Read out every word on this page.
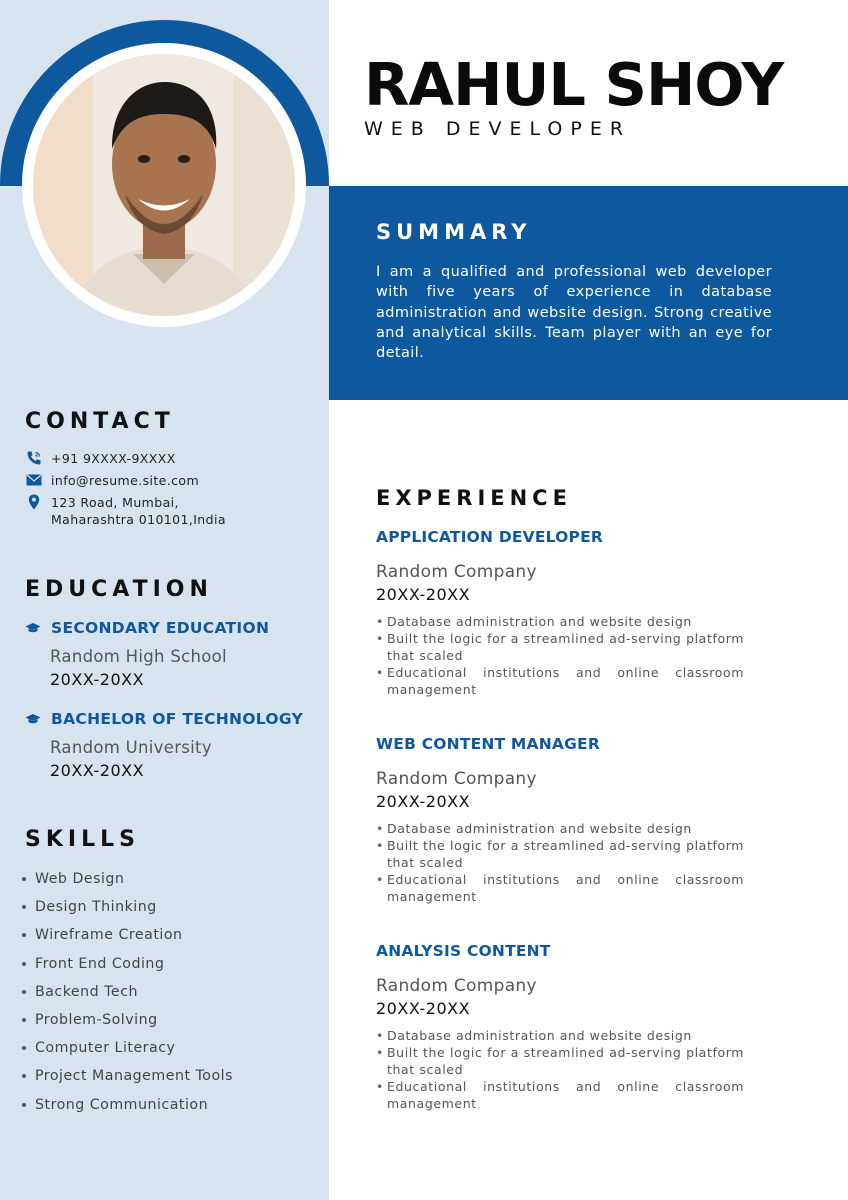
CONTACT
+91 9XXXX-9XXXX
info@resume.site.com
123 Road, Mumbai,
Maharashtra 010101,India
EDUCATION
SECONDARY EDUCATION
Random High School
20XX-20XX
BACHELOR OF TECHNOLOGY
Random University
20XX-20XX
SKILLS
Web Design
Design Thinking
Wireframe Creation
Front End Coding
Backend Tech
Problem-Solving
Computer Literacy
Project Management Tools
Strong Communication
RAHUL SHOY
WEB DEVELOPER
SUMMARY
I am a qualified and professional web developer with five years of experience in database administration and website design. Strong creative and analytical skills. Team player with an eye for detail.
EXPERIENCE
APPLICATION DEVELOPER
Random Company
20XX-20XX
• Database administration and website design
• Built the logic for a streamlined ad-serving platform that scaled
• Educational institutions and online classroom management
WEB CONTENT MANAGER
Random Company
20XX-20XX
• Database administration and website design
• Built the logic for a streamlined ad-serving platform that scaled
• Educational institutions and online classroom management
ANALYSIS CONTENT
Random Company
20XX-20XX
• Database administration and website design
• Built the logic for a streamlined ad-serving platform that scaled
• Educational institutions and online classroom management
